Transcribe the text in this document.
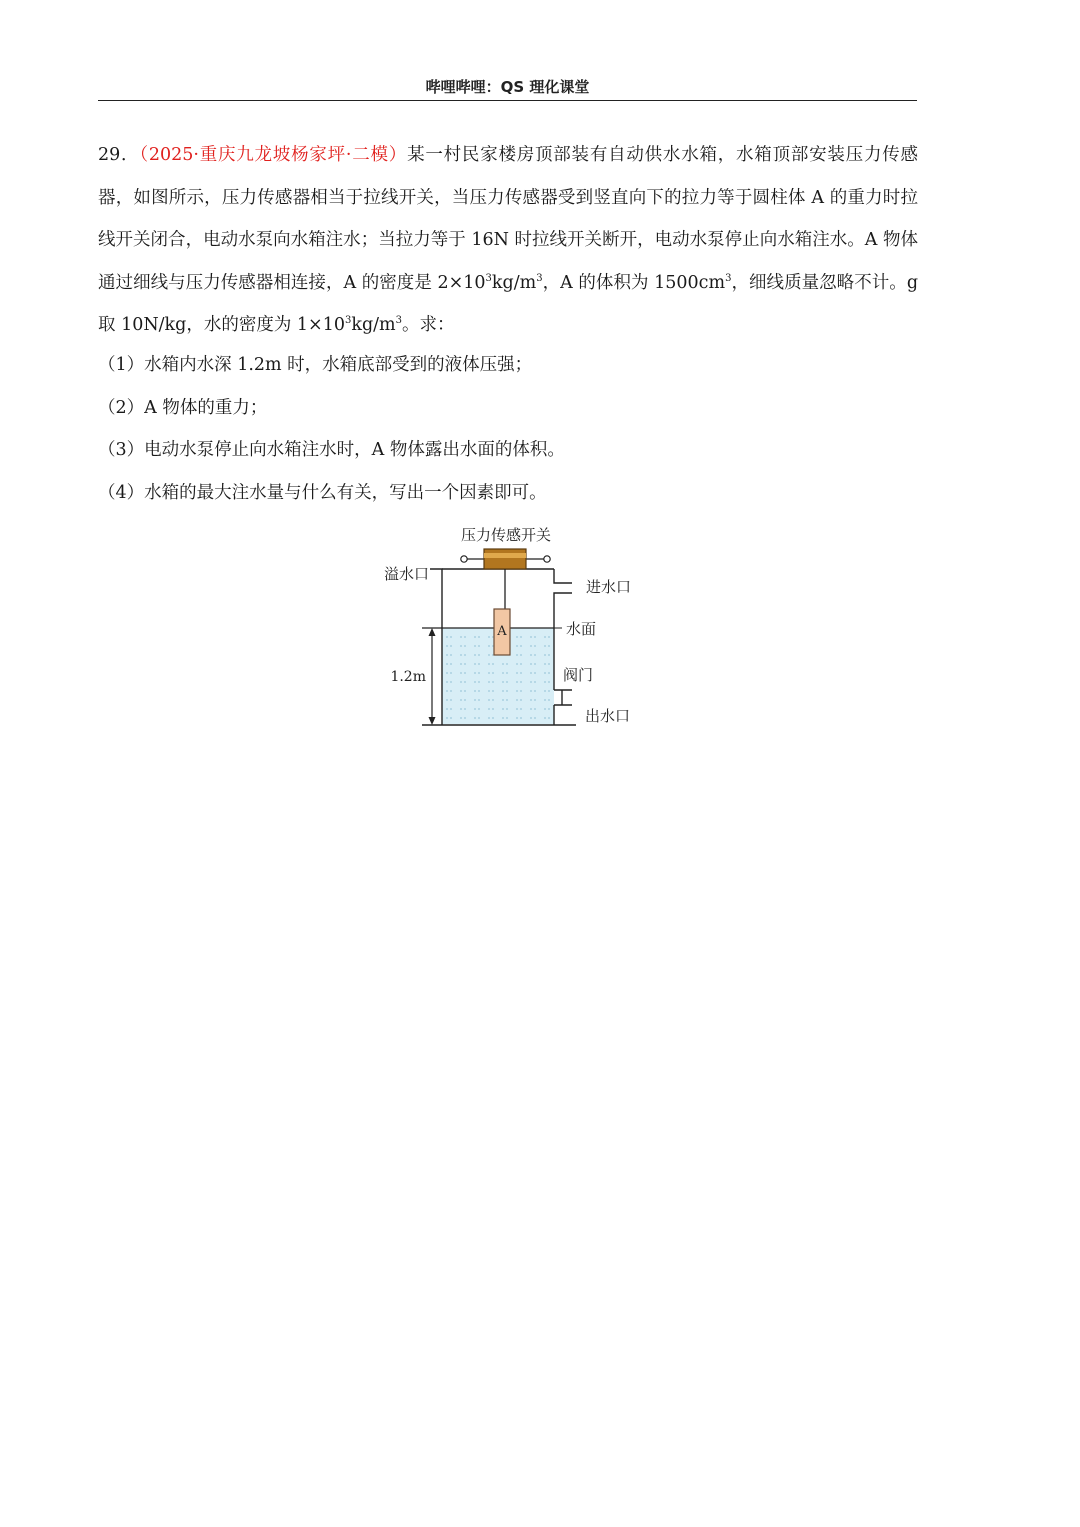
哔哩哔哩：QS 理化课堂
29．（2025·重庆九龙坡杨家坪·二模）某一村民家楼房顶部装有自动供水水箱，水箱顶部安装压力传感器，如图所示，压力传感器相当于拉线开关，当压力传感器受到竖直向下的拉力等于圆柱体 A 的重力时拉线开关闭合，电动水泵向水箱注水；当拉力等于 16N 时拉线开关断开，电动水泵停止向水箱注水。A 物体通过细线与压力传感器相连接，A 的密度是 $2\times 10^3kg/m^3$，A 的体积为 $1500cm^3$，细线质量忽略不计。g 取 10N/kg，水的密度为 $1\times 10^3kg/m^3$。求：
（1）水箱内水深 1.2m 时，水箱底部受到的液体压强；
（2）A 物体的重力；
（3）电动水泵停止向水箱注水时，A 物体露出水面的体积。
（4）水箱的最大注水量与什么有关，写出一个因素即可。
A
压力传感开关
溢水口
进水口
水面
阀门
出水口
1.2m
